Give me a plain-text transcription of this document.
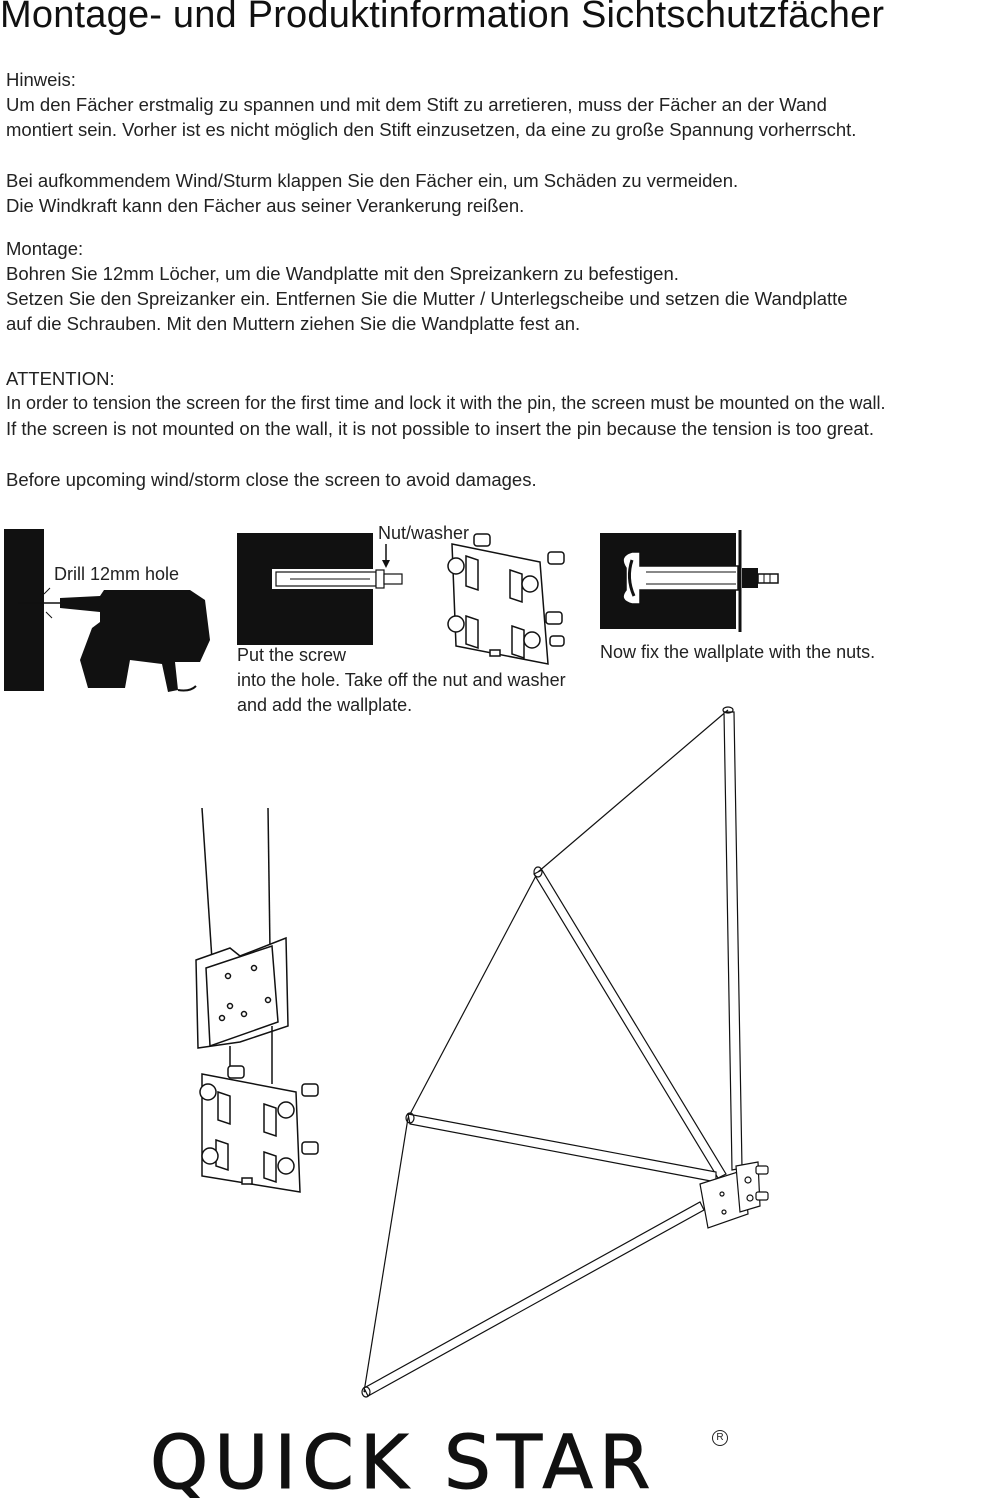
Montage- und Produktinformation Sichtschutzfächer
Hinweis:
Um den Fächer erstmalig zu spannen und mit dem Stift zu arretieren, muss der Fächer an der Wand
montiert sein. Vorher ist es nicht möglich den Stift einzusetzen, da eine zu große Spannung vorherrscht.
Bei aufkommendem Wind/Sturm klappen Sie den Fächer ein, um Schäden zu vermeiden.
Die Windkraft kann den Fächer aus seiner Verankerung reißen.
Montage:
Bohren Sie 12mm Löcher, um die Wandplatte mit den Spreizankern zu befestigen.
Setzen Sie den Spreizanker ein. Entfernen Sie die Mutter / Unterlegscheibe und setzen die Wandplatte
auf die Schrauben. Mit den Muttern ziehen Sie die Wandplatte fest an.
ATTENTION:
In order to tension the screen for the first time and lock it with the pin, the screen must be mounted on the wall.
If the screen is not mounted on the wall, it is not possible to insert the pin because the tension is too great.
Before upcoming wind/storm close the screen to avoid damages.
Drill 12mm hole
Nut/washer
Put the screw
into the hole. Take off the nut and washer
and add the wallplate.
Now fix the wallplate with the nuts.
QUICK STAR	R
